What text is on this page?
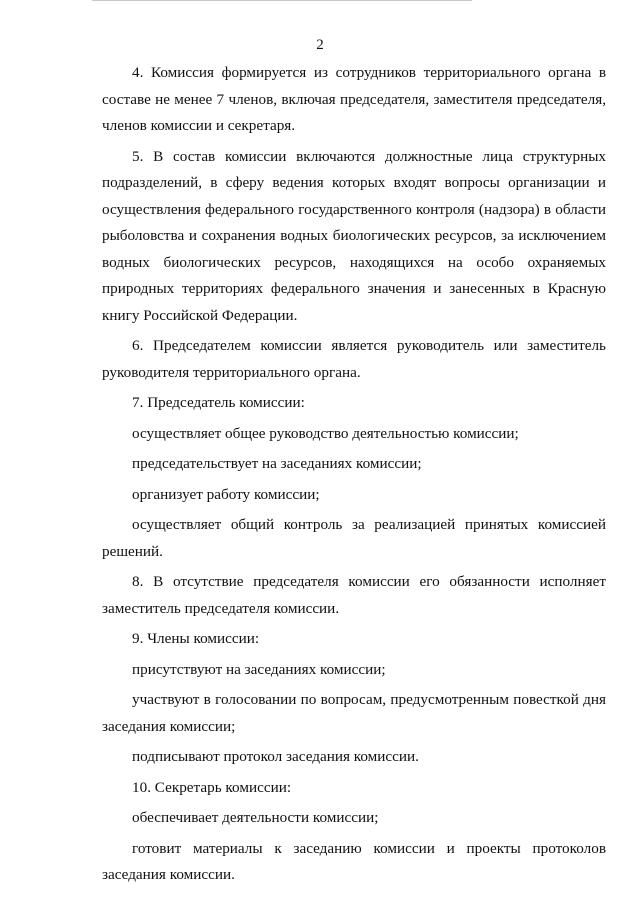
2

4. Комиссия формируется из сотрудников территориального органа в составе не менее 7 членов, включая председателя, заместителя председателя, членов комиссии и секретаря.

5. В состав комиссии включаются должностные лица структурных подразделений, в сферу ведения которых входят вопросы организации и осуществления федерального государственного контроля (надзора) в области рыболовства и сохранения водных биологических ресурсов, за исключением водных биологических ресурсов, находящихся на особо охраняемых природных территориях федерального значения и занесенных в Красную книгу Российской Федерации.

6. Председателем комиссии является руководитель или заместитель руководителя территориального органа.

7. Председатель комиссии:

осуществляет общее руководство деятельностью комиссии;

председательствует на заседаниях комиссии;

организует работу комиссии;

осуществляет общий контроль за реализацией принятых комиссией решений.

8. В отсутствие председателя комиссии его обязанности исполняет заместитель председателя комиссии.

9. Члены комиссии:

присутствуют на заседаниях комиссии;

участвуют в голосовании по вопросам, предусмотренным повесткой дня заседания комиссии;

подписывают протокол заседания комиссии.

10. Секретарь комиссии:

обеспечивает деятельности комиссии;

готовит материалы к заседанию комиссии и проекты протоколов заседания комиссии.
